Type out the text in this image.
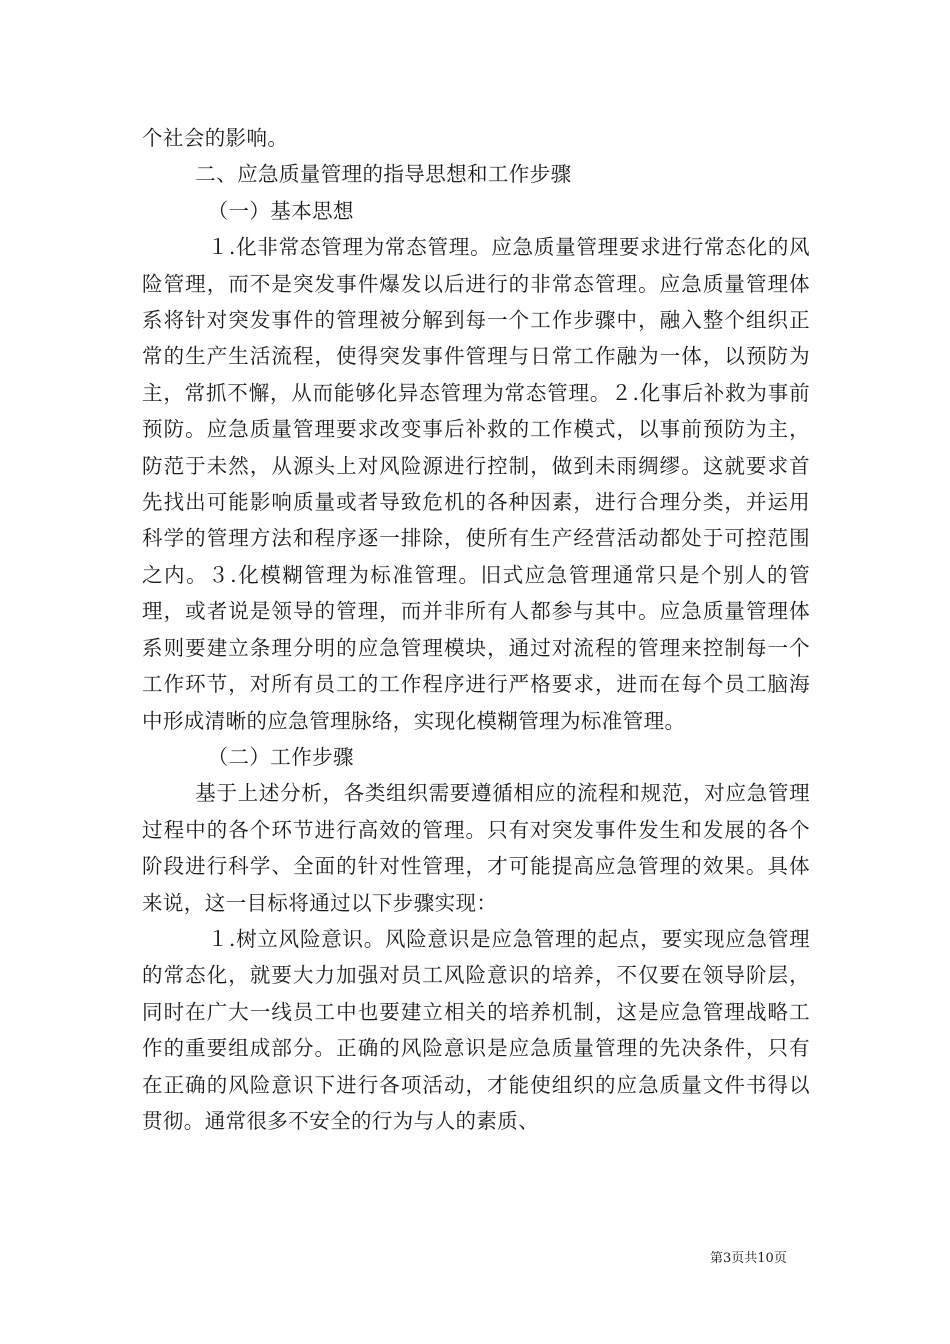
个社会的影响。

二、应急质量管理的指导思想和工作步骤

（一）基本思想

１.化非常态管理为常态管理。应急质量管理要求进行常态化的风险管理，而不是突发事件爆发以后进行的非常态管理。应急质量管理体系将针对突发事件的管理被分解到每一个工作步骤中，融入整个组织正常的生产生活流程，使得突发事件管理与日常工作融为一体，以预防为主，常抓不懈，从而能够化异态管理为常态管理。２.化事后补救为事前预防。应急质量管理要求改变事后补救的工作模式，以事前预防为主，防范于未然，从源头上对风险源进行控制，做到未雨绸缪。这就要求首先找出可能影响质量或者导致危机的各种因素，进行合理分类，并运用科学的管理方法和程序逐一排除，使所有生产经营活动都处于可控范围之内。３.化模糊管理为标准管理。旧式应急管理通常只是个别人的管理，或者说是领导的管理，而并非所有人都参与其中。应急质量管理体系则要建立条理分明的应急管理模块，通过对流程的管理来控制每一个工作环节，对所有员工的工作程序进行严格要求，进而在每个员工脑海中形成清晰的应急管理脉络，实现化模糊管理为标准管理。

（二）工作步骤

基于上述分析，各类组织需要遵循相应的流程和规范，对应急管理过程中的各个环节进行高效的管理。只有对突发事件发生和发展的各个阶段进行科学、全面的针对性管理，才可能提高应急管理的效果。具体来说，这一目标将通过以下步骤实现：

１.树立风险意识。风险意识是应急管理的起点，要实现应急管理的常态化，就要大力加强对员工风险意识的培养，不仅要在领导阶层，同时在广大一线员工中也要建立相关的培养机制，这是应急管理战略工作的重要组成部分。正确的风险意识是应急质量管理的先决条件，只有在正确的风险意识下进行各项活动，才能使组织的应急质量文件书得以贯彻。通常很多不安全的行为与人的素质、

第3页共10页
